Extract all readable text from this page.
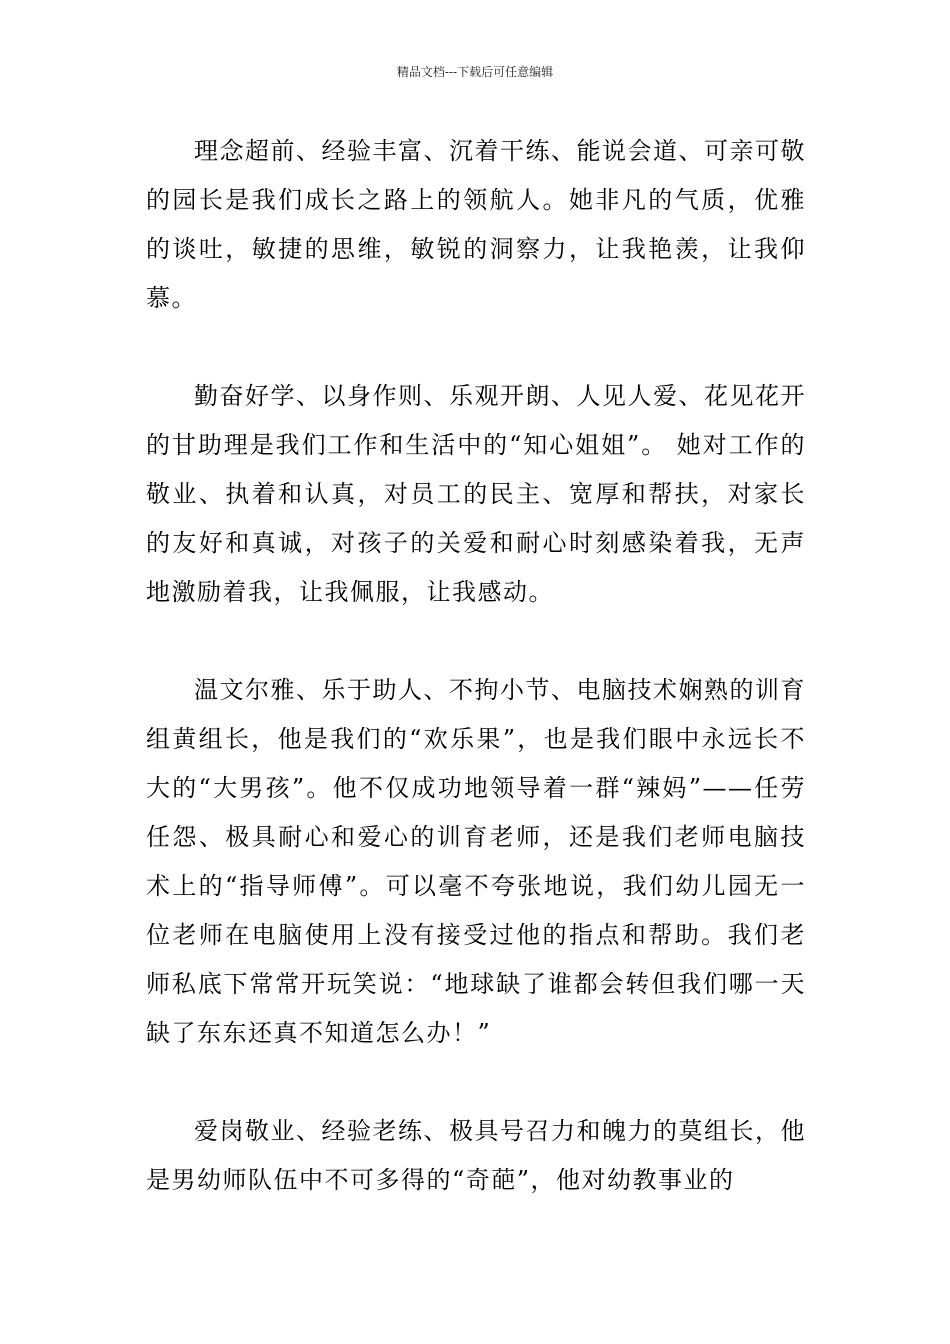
精品文档---下载后可任意编辑

理念超前、经验丰富、沉着干练、能说会道、可亲可敬的园长是我们成长之路上的领航人。她非凡的气质，优雅的谈吐，敏捷的思维，敏锐的洞察力，让我艳羡，让我仰慕。

勤奋好学、以身作则、乐观开朗、人见人爱、花见花开的甘助理是我们工作和生活中的“知心姐姐”。 她对工作的敬业、执着和认真，对员工的民主、宽厚和帮扶，对家长的友好和真诚，对孩子的关爱和耐心时刻感染着我，无声地激励着我，让我佩服，让我感动。

温文尔雅、乐于助人、不拘小节、电脑技术娴熟的训育组黄组长，他是我们的“欢乐果”，也是我们眼中永远长不大的“大男孩”。他不仅成功地领导着一群“辣妈”——任劳任怨、极具耐心和爱心的训育老师，还是我们老师电脑技术上的“指导师傅”。可以毫不夸张地说，我们幼儿园无一位老师在电脑使用上没有接受过他的指点和帮助。我们老师私底下常常开玩笑说：“地球缺了谁都会转但我们哪一天缺了东东还真不知道怎么办！”

爱岗敬业、经验老练、极具号召力和魄力的莫组长，他是男幼师队伍中不可多得的“奇葩”，他对幼教事业的
